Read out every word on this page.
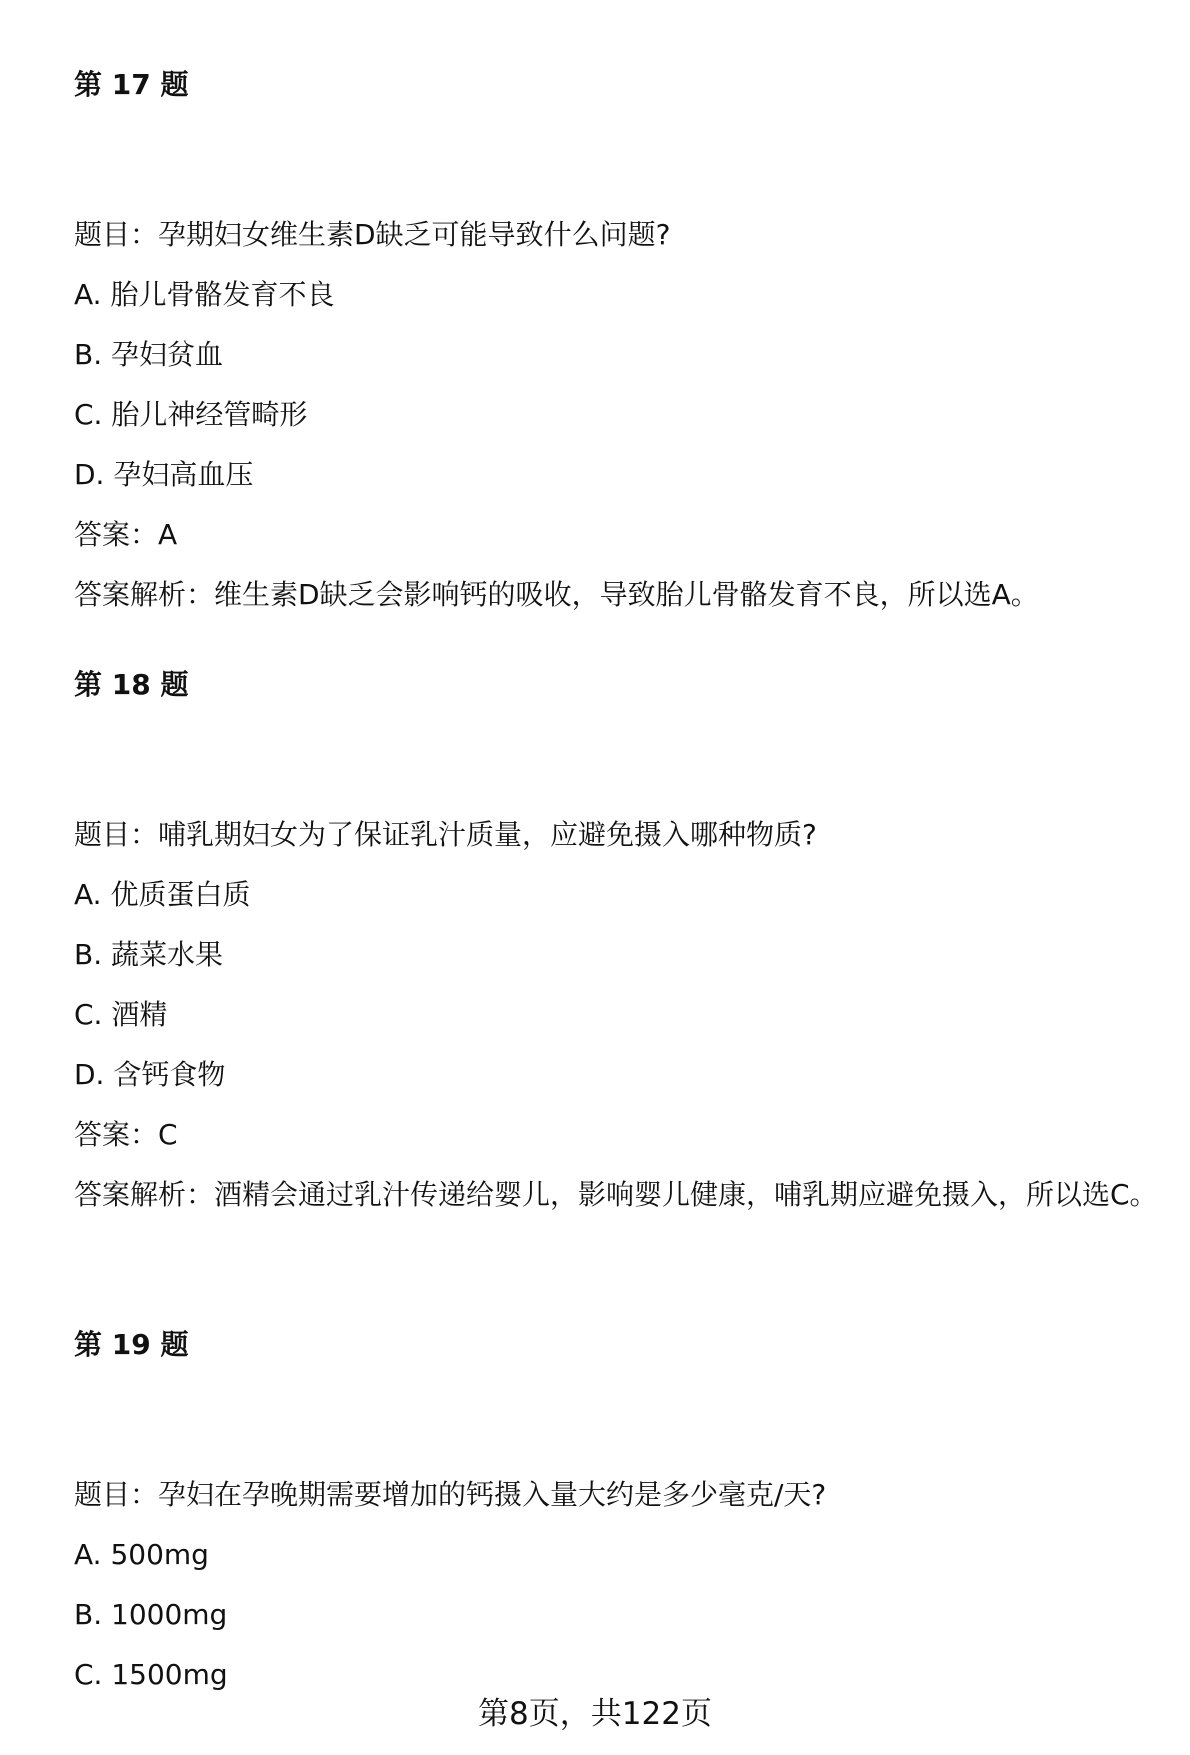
第 17 题
题目：孕期妇女维生素D缺乏可能导致什么问题?
A. 胎儿骨骼发育不良
B. 孕妇贫血
C. 胎儿神经管畸形
D. 孕妇高血压
答案：A
答案解析：维生素D缺乏会影响钙的吸收，导致胎儿骨骼发育不良，所以选A。
第 18 题
题目：哺乳期妇女为了保证乳汁质量，应避免摄入哪种物质?
A. 优质蛋白质
B. 蔬菜水果
C. 酒精
D. 含钙食物
答案：C
答案解析：酒精会通过乳汁传递给婴儿，影响婴儿健康，哺乳期应避免摄入，所以选C。
第 19 题
题目：孕妇在孕晚期需要增加的钙摄入量大约是多少毫克/天?
A. 500mg
B. 1000mg
C. 1500mg
第8页，共122页
